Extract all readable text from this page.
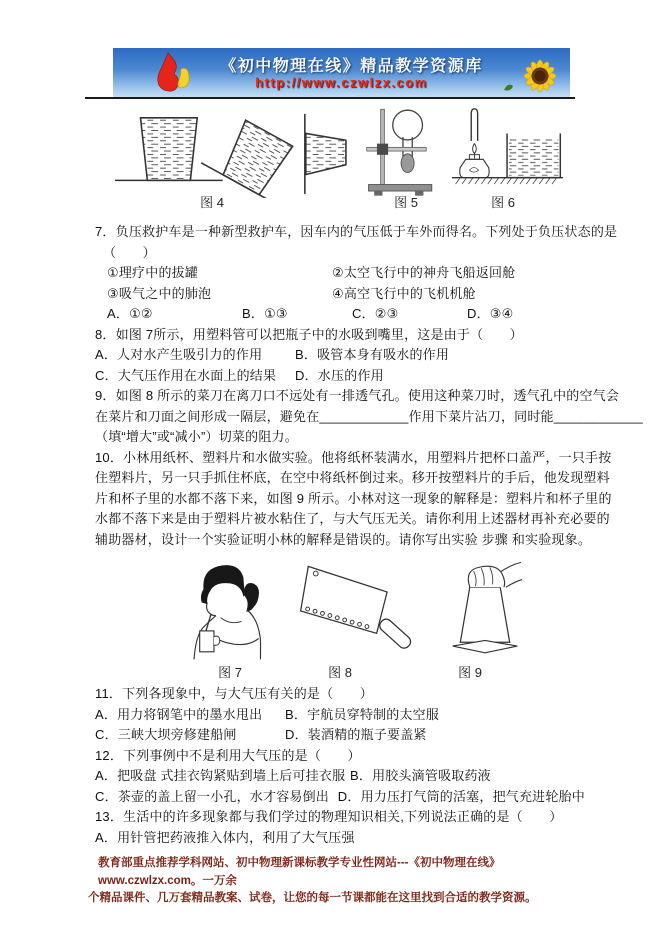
《初中物理在线》精品教学资源库
http://www.czwlzx.com
图 4	图 5	图 6
7．负压救护车是一种新型救护车，因车内的气压低于车外而得名。下列处于负压状态的是
（　　）
①理疗中的拔罐	②太空飞行中的神舟飞船返回舱
③吸气之中的肺泡	④高空飞行中的飞机机舱
A．①②	B．①③	C．②③	D．③④
8．如图 7所示，用塑料管可以把瓶子中的水吸到嘴里，这是由于（　　）
A．人对水产生吸引力的作用	B．吸管本身有吸水的作用
C．大气压作用在水面上的结果	D．水压的作用
9．如图 8 所示的菜刀在离刀口不远处有一排透气孔。使用这种菜刀时，透气孔中的空气会
在菜片和刀面之间形成一隔层，避免在____________作用下菜片沾刀，同时能____________
（填“增大”或“减小”）切菜的阻力。
10．小林用纸杯、塑料片和水做实验。他将纸杯装满水，用塑料片把杯口盖严，一只手按
住塑料片，另一只手抓住杯底，在空中将纸杯倒过来。移开按塑料片的手后，他发现塑料
片和杯子里的水都不落下来，如图 9 所示。小林对这一现象的解释是：塑料片和杯子里的
水都不落下来是由于塑料片被水粘住了，与大气压无关。请你利用上述器材再补充必要的
辅助器材，设计一个实验证明小林的解释是错误的。请你写出实验 步骤 和实验现象。
图 7	图 8	图 9
11．下列各现象中，与大气压有关的是（　　）
A．用力将钢笔中的墨水甩出	B．宇航员穿特制的太空服
C．三峡大坝旁修建船闸	D．装酒精的瓶子要盖紧
12．下列事例中不是利用大气压的是（　　）
A．把吸盘 式挂衣钩紧贴到墙上后可挂衣服 B．用胶头滴管吸取药液
C．茶壶的盖上留一小孔，水才容易倒出 D．用力压打气筒的活塞，把气充进轮胎中
13．生活中的许多现象都与我们学过的物理知识相关,下列说法正确的是（　　）
A．用针管把药液推入体内，利用了大气压强
教育部重点推荐学科网站、初中物理新课标教学专业性网站---《初中物理在线》www.czwlzx.com。一万余
个精品课件、几万套精品教案、试卷，让您的每一节课都能在这里找到合适的教学资源。
